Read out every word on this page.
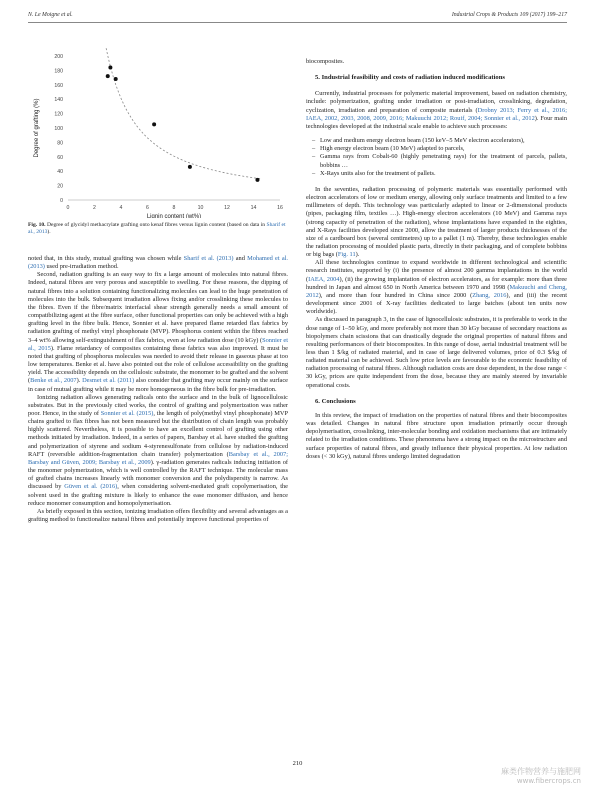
N. Le Moigne et al.	Industrial Crops & Products 109 (2017) 199–217
0
20
40
60
80
100
120
140
160
180
200
0	2	4	6	8	10	12	14	16
Degree of grafting (%)
Lignin content (wt%)
Fig. 10. Degree of glycidyl methacrylate grafting onto kenaf fibres versus lignin content (based on data in Sharif et al., 2013).

noted that, in this study, mutual grafting was chosen while Sharif et al. (2013) and Mohamed et al. (2013) used pre-irradiation method.

Second, radiation grafting is an easy way to fix a large amount of molecules into natural fibres. Indeed, natural fibres are very porous and susceptible to swelling. For these reasons, the dipping of natural fibres into a solution containing functionalizing molecules can lead to the huge penetration of molecules into the bulk. Subsequent irradiation allows fixing and/or crosslinking these molecules to the fibres. Even if the fibre/matrix interfacial shear strength generally needs a small amount of compatibilizing agent at the fibre surface, other functional properties can only be achieved with a high grafting level in the fibre bulk. Hence, Sonnier et al. have prepared flame retarded flax fabrics by radiation grafting of methyl vinyl phosphonate (MVP). Phosphorus content within the fibres reached 3–4 wt% allowing self-extinguishment of flax fabrics, even at low radiation dose (10 kGy) (Sonnier et al., 2015). Flame retardancy of composites containing these fabrics was also improved. It must be noted that grafting of phosphorus molecules was needed to avoid their release in gaseous phase at too low temperatures. Benke et al. have also pointed out the role of cellulose accessibility on the grafting yield. The accessibility depends on the cellulosic substrate, the monomer to be grafted and the solvent (Benke et al., 2007). Desmet et al. (2011) also consider that grafting may occur mainly on the surface in case of mutual grafting while it may be more homogeneous in the fibre bulk for pre-irradiation.

Ionizing radiation allows generating radicals onto the surface and in the bulk of lignocellulosic substrates. But in the previously cited works, the control of grafting and polymerization was rather poor. Hence, in the study of Sonnier et al. (2015), the length of poly(methyl vinyl phosphonate) MVP chains grafted to flax fibres has not been measured but the distribution of chain length was probably highly scattered. Nevertheless, it is possible to have an excellent control of grafting using other methods initiated by irradiation. Indeed, in a series of papers, Barsbay et al. have studied the grafting and polymerization of styrene and sodium 4-styrenesulfonate from cellulose by radiation-induced RAFT (reversible addition-fragmentation chain transfer) polymerization (Barsbay et al., 2007; Barsbay and Güven, 2009; Barsbay et al., 2009). γ-radiation generates radicals inducing initiation of the monomer polymerization, which is well controlled by the RAFT technique. The molecular mass of grafted chains increases linearly with monomer conversion and the polydispersity is narrow. As discussed by Güven et al. (2016), when considering solvent-mediated graft copolymerisation, the solvent used in the grafting mixture is likely to enhance the ease monomer diffusion, and hence reduce monomer consumption and homopolymerisation.

As briefly exposed in this section, ionizing irradiation offers flexibility and several advantages as a grafting method to functionalize natural fibres and potentially improve functional properties of

biocomposites.

5. Industrial feasibility and costs of radiation induced modifications

Currently, industrial processes for polymeric material improvement, based on radiation chemistry, include: polymerization, grafting under irradiation or post-irradiation, crosslinking, degradation, cyclization, irradiation and preparation of composite materials (Drobny 2013; Ferry et al., 2016; IAEA, 2002, 2003, 2008, 2009, 2016; Makuuchi 2012; Rouif, 2004; Sonnier et al., 2012). Four main technologies developed at the industrial scale enable to achieve such processes:

– Low and medium energy electron beam (150 keV–5 MeV electron accelerators),
– High energy electron beam (10 MeV) adapted to parcels,
– Gamma rays from Cobalt-60 (highly penetrating rays) for the treatment of parcels, pallets, bobbins …
– X-Rays units also for the treatment of pallets.

In the seventies, radiation processing of polymeric materials was essentially performed with electron accelerators of low or medium energy, allowing only surface treatments and limited to a few millimeters of depth. This technology was particularly adapted to linear or 2-dimensional products (pipes, packaging film, textiles …). High-energy electron accelerators (10 MeV) and Gamma rays (strong capacity of penetration of the radiation), whose implantations have expanded in the eighties, and X-Rays facilities developed since 2000, allow the treatment of larger products thicknesses of the size of a cardboard box (several centimetres) up to a pallet (1 m). Thereby, these technologies enable the radiation processing of moulded plastic parts, directly in their packaging, and of complete bobbins or big bags (Fig. 11).

All these technologies continue to expand worldwide in different technological and scientific research institutes, supported by (i) the presence of almost 200 gamma implantations in the world (IAEA, 2004), (ii) the growing implantation of electron accelerators, as for example: more than three hundred in Japan and almost 650 in North America between 1970 and 1998 (Makuuchi and Cheng, 2012), and more than four hundred in China since 2000 (Zhang, 2016), and (iii) the recent development since 2001 of X-ray facilities dedicated to large batches (about ten units now worldwide).

As discussed in paragraph 3, in the case of lignocellulosic substrates, it is preferable to work in the dose range of 1–50 kGy, and more preferably not more than 30 kGy because of secondary reactions as biopolymers chain scissions that can drastically degrade the original properties of natural fibres and resulting performances of their biocomposites. In this range of dose, aerial industrial treatment will be less than 1 $/kg of radiated material, and in case of large delivered volumes, price of 0.3 $/kg of radiated material can be achieved. Such low price levels are favourable to the economic feasibility of radiation processing of natural fibres. Although radiation costs are dose dependent, in the dose range < 30 kGy, prices are quite independent from the dose, because they are mainly steered by invariable operational costs.

6. Conclusions

In this review, the impact of irradiation on the properties of natural fibres and their biocomposites was detailed. Changes in natural fibre structure upon irradiation primarily occur through depolymerisation, crosslinking, inter-molecular bonding and oxidation mechanisms that are intimately related to the irradiation conditions. These phenomena have a strong impact on the microstructure and surface properties of natural fibres, and greatly influence their physical properties. At low radiation doses (< 30 kGy), natural fibres undergo limited degradation

210
麻类作物营养与施肥网
www.fibercrops.cn
